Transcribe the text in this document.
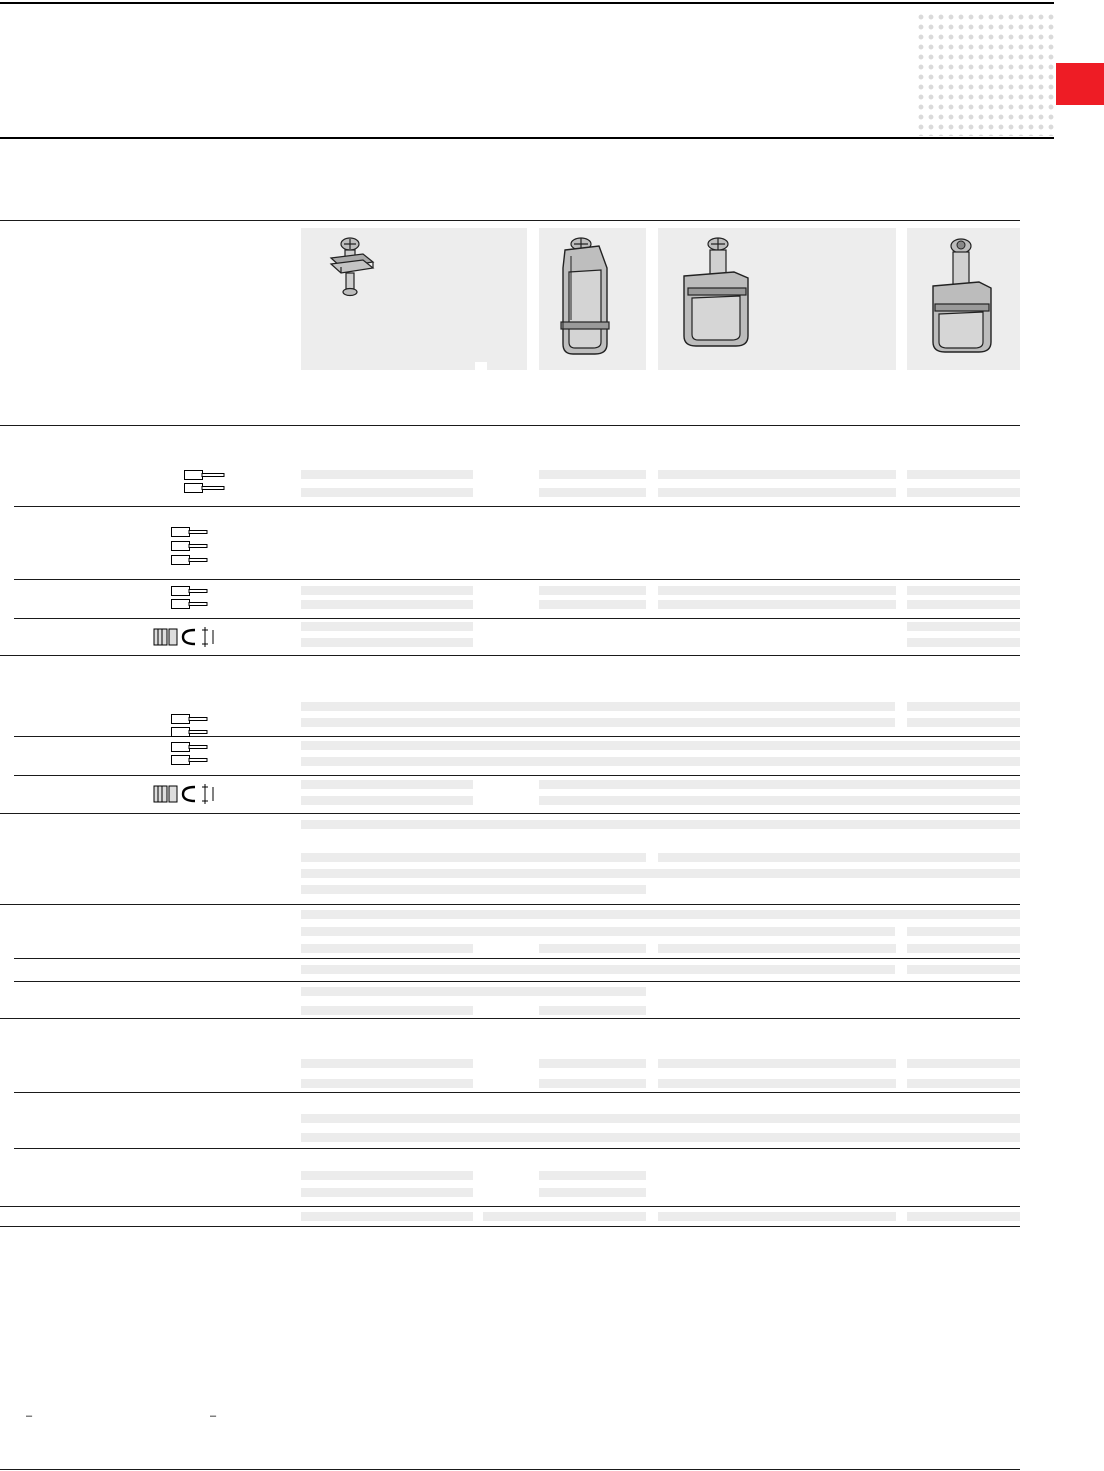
–	–
